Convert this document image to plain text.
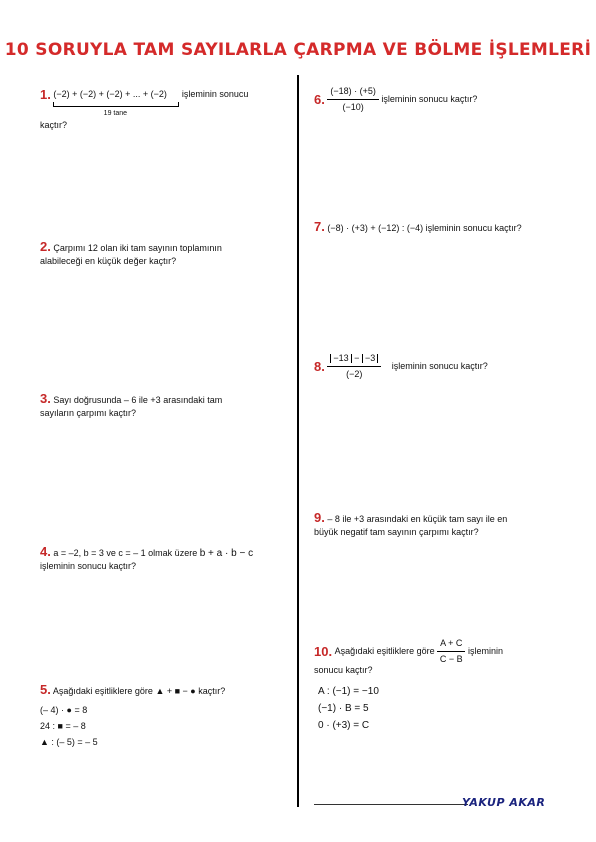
10 SORUYLA TAM SAYILARLA ÇARPMA VE BÖLME İŞLEMLERİ
1. (−2) + (−2) + (−2) + ... + (−2)
19 tane
işleminin sonucu
kaçtır?
2. Çarpımı 12 olan iki tam sayının toplamının
alabileceği en küçük değer kaçtır?
3. Sayı doğrusunda – 6 ile +3 arasındaki tam
sayıların çarpımı kaçtır?
4. a = –2, b = 3 ve c = – 1 olmak üzere b + a · b − c
işleminin sonucu kaçtır?
5. Aşağıdaki eşitliklere göre ▲ + ■ − ● kaçtır?
(– 4) · ● = 8
24 : ■ = – 8
▲ : (– 5) = – 5
6. $\frac{(-18) \cdot (+5)}{(-10)}$ işleminin sonucu kaçtır?
7. (−8) · (+3) + (−12) : (−4) işleminin sonucu kaçtır?
8. $\frac{-13 - -3}{(-2)}$ işleminin sonucu kaçtır?
9. – 8 ile +3 arasındaki en küçük tam sayı ile en
büyük negatif tam sayının çarpımı kaçtır?
10. Aşağıdaki eşitliklere göre $\frac{A + C}{C - B}$ işleminin
sonucu kaçtır?
A : (−1) = −10
(−1) · B = 5
0 · (+3) = C
YAKUP AKAR
